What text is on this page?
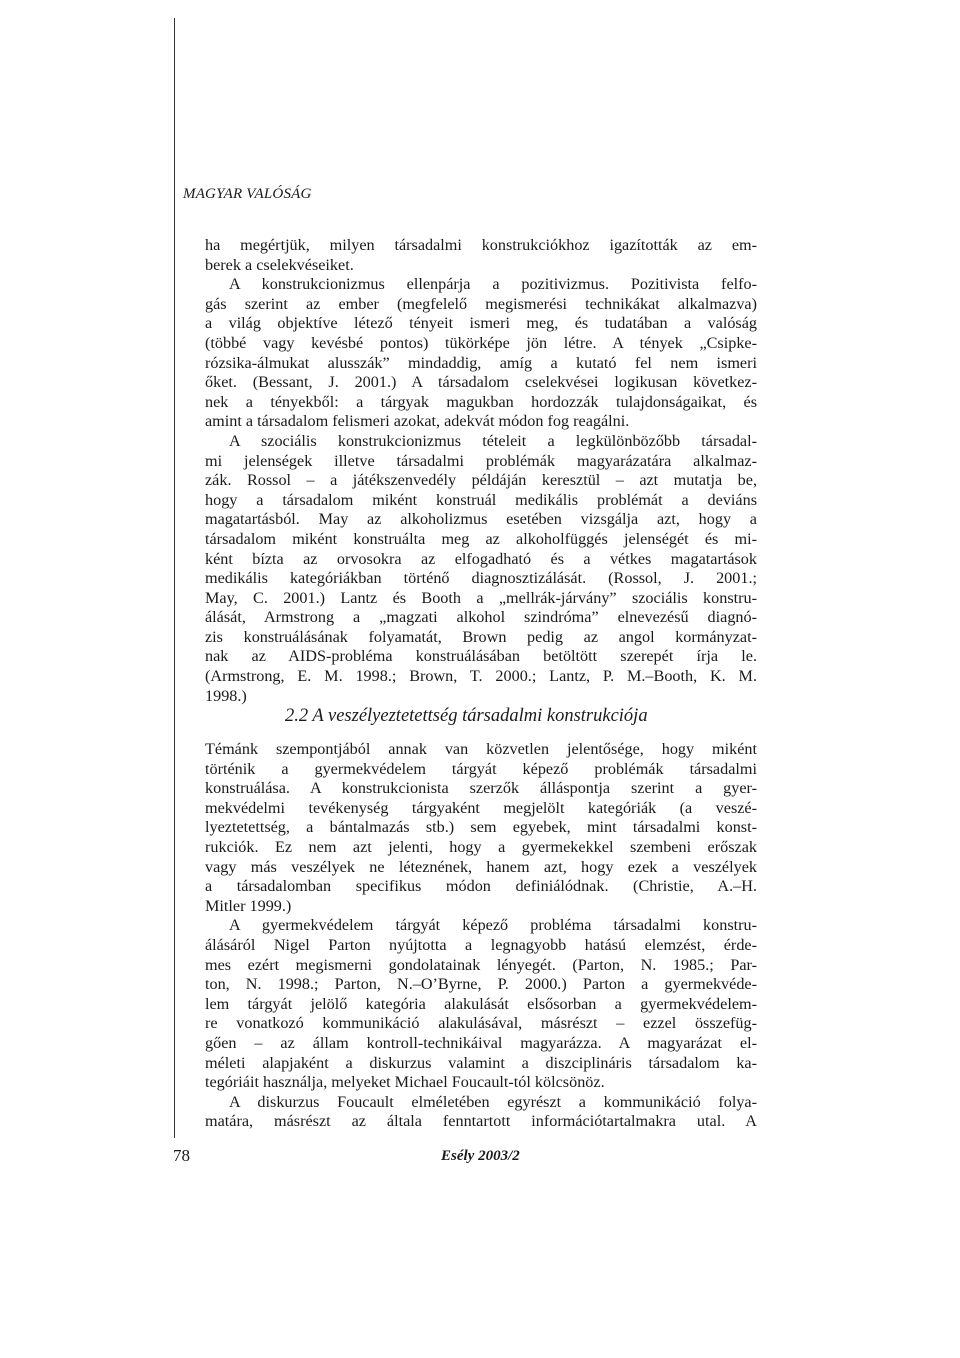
MAGYAR VALÓSÁG
ha megértjük, milyen társadalmi konstrukciókhoz igazították az em-
berek a cselekvéseiket.
A konstrukcionizmus ellenpárja a pozitivizmus. Pozitivista felfo-
gás szerint az ember (megfelelő megismerési technikákat alkalmazva)
a világ objektíve létező tényeit ismeri meg, és tudatában a valóság
(többé vagy kevésbé pontos) tükörképe jön létre. A tények „Csipke-
rózsika-álmukat alusszák” mindaddig, amíg a kutató fel nem ismeri
őket. (Bessant, J. 2001.) A társadalom cselekvései logikusan következ-
nek a tényekből: a tárgyak magukban hordozzák tulajdonságaikat, és
amint a társadalom felismeri azokat, adekvát módon fog reagálni.
A szociális konstrukcionizmus tételeit a legkülönbözőbb társadal-
mi jelenségek illetve társadalmi problémák magyarázatára alkalmaz-
zák. Rossol – a játékszenvedély példáján keresztül – azt mutatja be,
hogy a társadalom miként konstruál medikális problémát a deviáns
magatartásból. May az alkoholizmus esetében vizsgálja azt, hogy a
társadalom miként konstruálta meg az alkoholfüggés jelenségét és mi-
ként bízta az orvosokra az elfogadható és a vétkes magatartások
medikális kategóriákban történő diagnosztizálását. (Rossol, J. 2001.;
May, C. 2001.) Lantz és Booth a „mellrák-járvány” szociális konstru-
álását, Armstrong a „magzati alkohol szindróma” elnevezésű diagnó-
zis konstruálásának folyamatát, Brown pedig az angol kormányzat-
nak az AIDS-probléma konstruálásában betöltött szerepét írja le.
(Armstrong, E. M. 1998.; Brown, T. 2000.; Lantz, P. M.–Booth, K. M.
1998.)
2.2 A veszélyeztetettség társadalmi konstrukciója
Témánk szempontjából annak van közvetlen jelentősége, hogy miként
történik a gyermekvédelem tárgyát képező problémák társadalmi
konstruálása. A konstrukcionista szerzők álláspontja szerint a gyer-
mekvédelmi tevékenység tárgyaként megjelölt kategóriák (a veszé-
lyeztetettség, a bántalmazás stb.) sem egyebek, mint társadalmi konst-
rukciók. Ez nem azt jelenti, hogy a gyermekekkel szembeni erőszak
vagy más veszélyek ne léteznének, hanem azt, hogy ezek a veszélyek
a társadalomban specifikus módon definiálódnak. (Christie, A.–H.
Mitler 1999.)
A gyermekvédelem tárgyát képező probléma társadalmi konstru-
álásáról Nigel Parton nyújtotta a legnagyobb hatású elemzést, érde-
mes ezért megismerni gondolatainak lényegét. (Parton, N. 1985.; Par-
ton, N. 1998.; Parton, N.–O’Byrne, P. 2000.) Parton a gyermekvéde-
lem tárgyát jelölő kategória alakulását elsősorban a gyermekvédelem-
re vonatkozó kommunikáció alakulásával, másrészt – ezzel összefüg-
gően – az állam kontroll-technikáival magyarázza. A magyarázat el-
méleti alapjaként a diskurzus valamint a diszciplináris társadalom ka-
tegóriáit használja, melyeket Michael Foucault-tól kölcsönöz.
A diskurzus Foucault elméletében egyrészt a kommunikáció folya-
matára, másrészt az általa fenntartott információtartalmakra utal. A
78	Esély 2003/2
